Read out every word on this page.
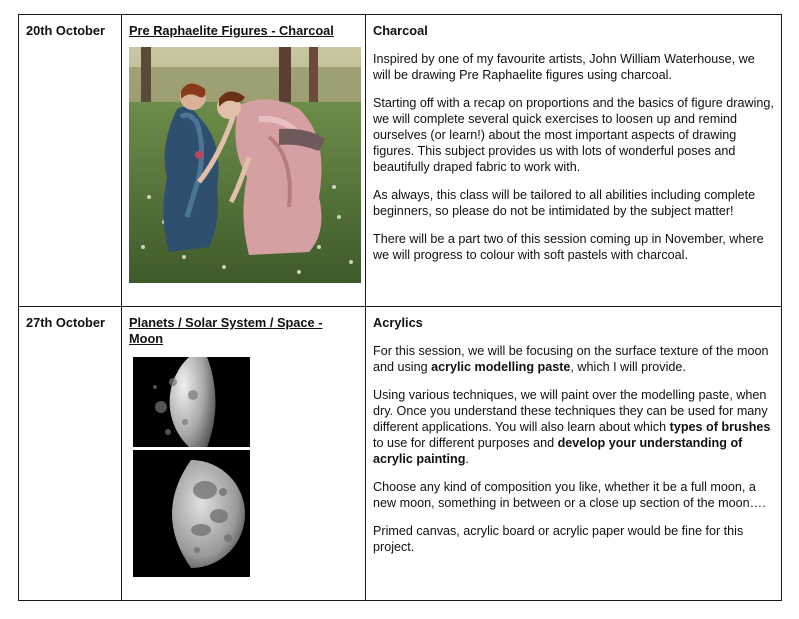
20th October	Pre Raphaelite Figures - Charcoal	Charcoal

Inspired by one of my favourite artists, John William Waterhouse, we will be drawing Pre Raphaelite figures using charcoal.

Starting off with a recap on proportions and the basics of figure drawing, we will complete several quick exercises to loosen up and remind ourselves (or learn!) about the most important aspects of drawing figures. This subject provides us with lots of wonderful poses and beautifully draped fabric to work with.

As always, this class will be tailored to all abilities including complete beginners, so please do not be intimidated by the subject matter!

There will be a part two of this session coming up in November, where we will progress to colour with soft pastels with charcoal.

27th October	Planets / Solar System / Space - Moon	Acrylics

For this session, we will be focusing on the surface texture of the moon and using acrylic modelling paste, which I will provide.

Using various techniques, we will paint over the modelling paste, when dry. Once you understand these techniques they can be used for many different applications. You will also learn about which types of brushes to use for different purposes and develop your understanding of acrylic painting.

Choose any kind of composition you like, whether it be a full moon, a new moon, something in between or a close up section of the moon….

Primed canvas, acrylic board or acrylic paper would be fine for this project.
